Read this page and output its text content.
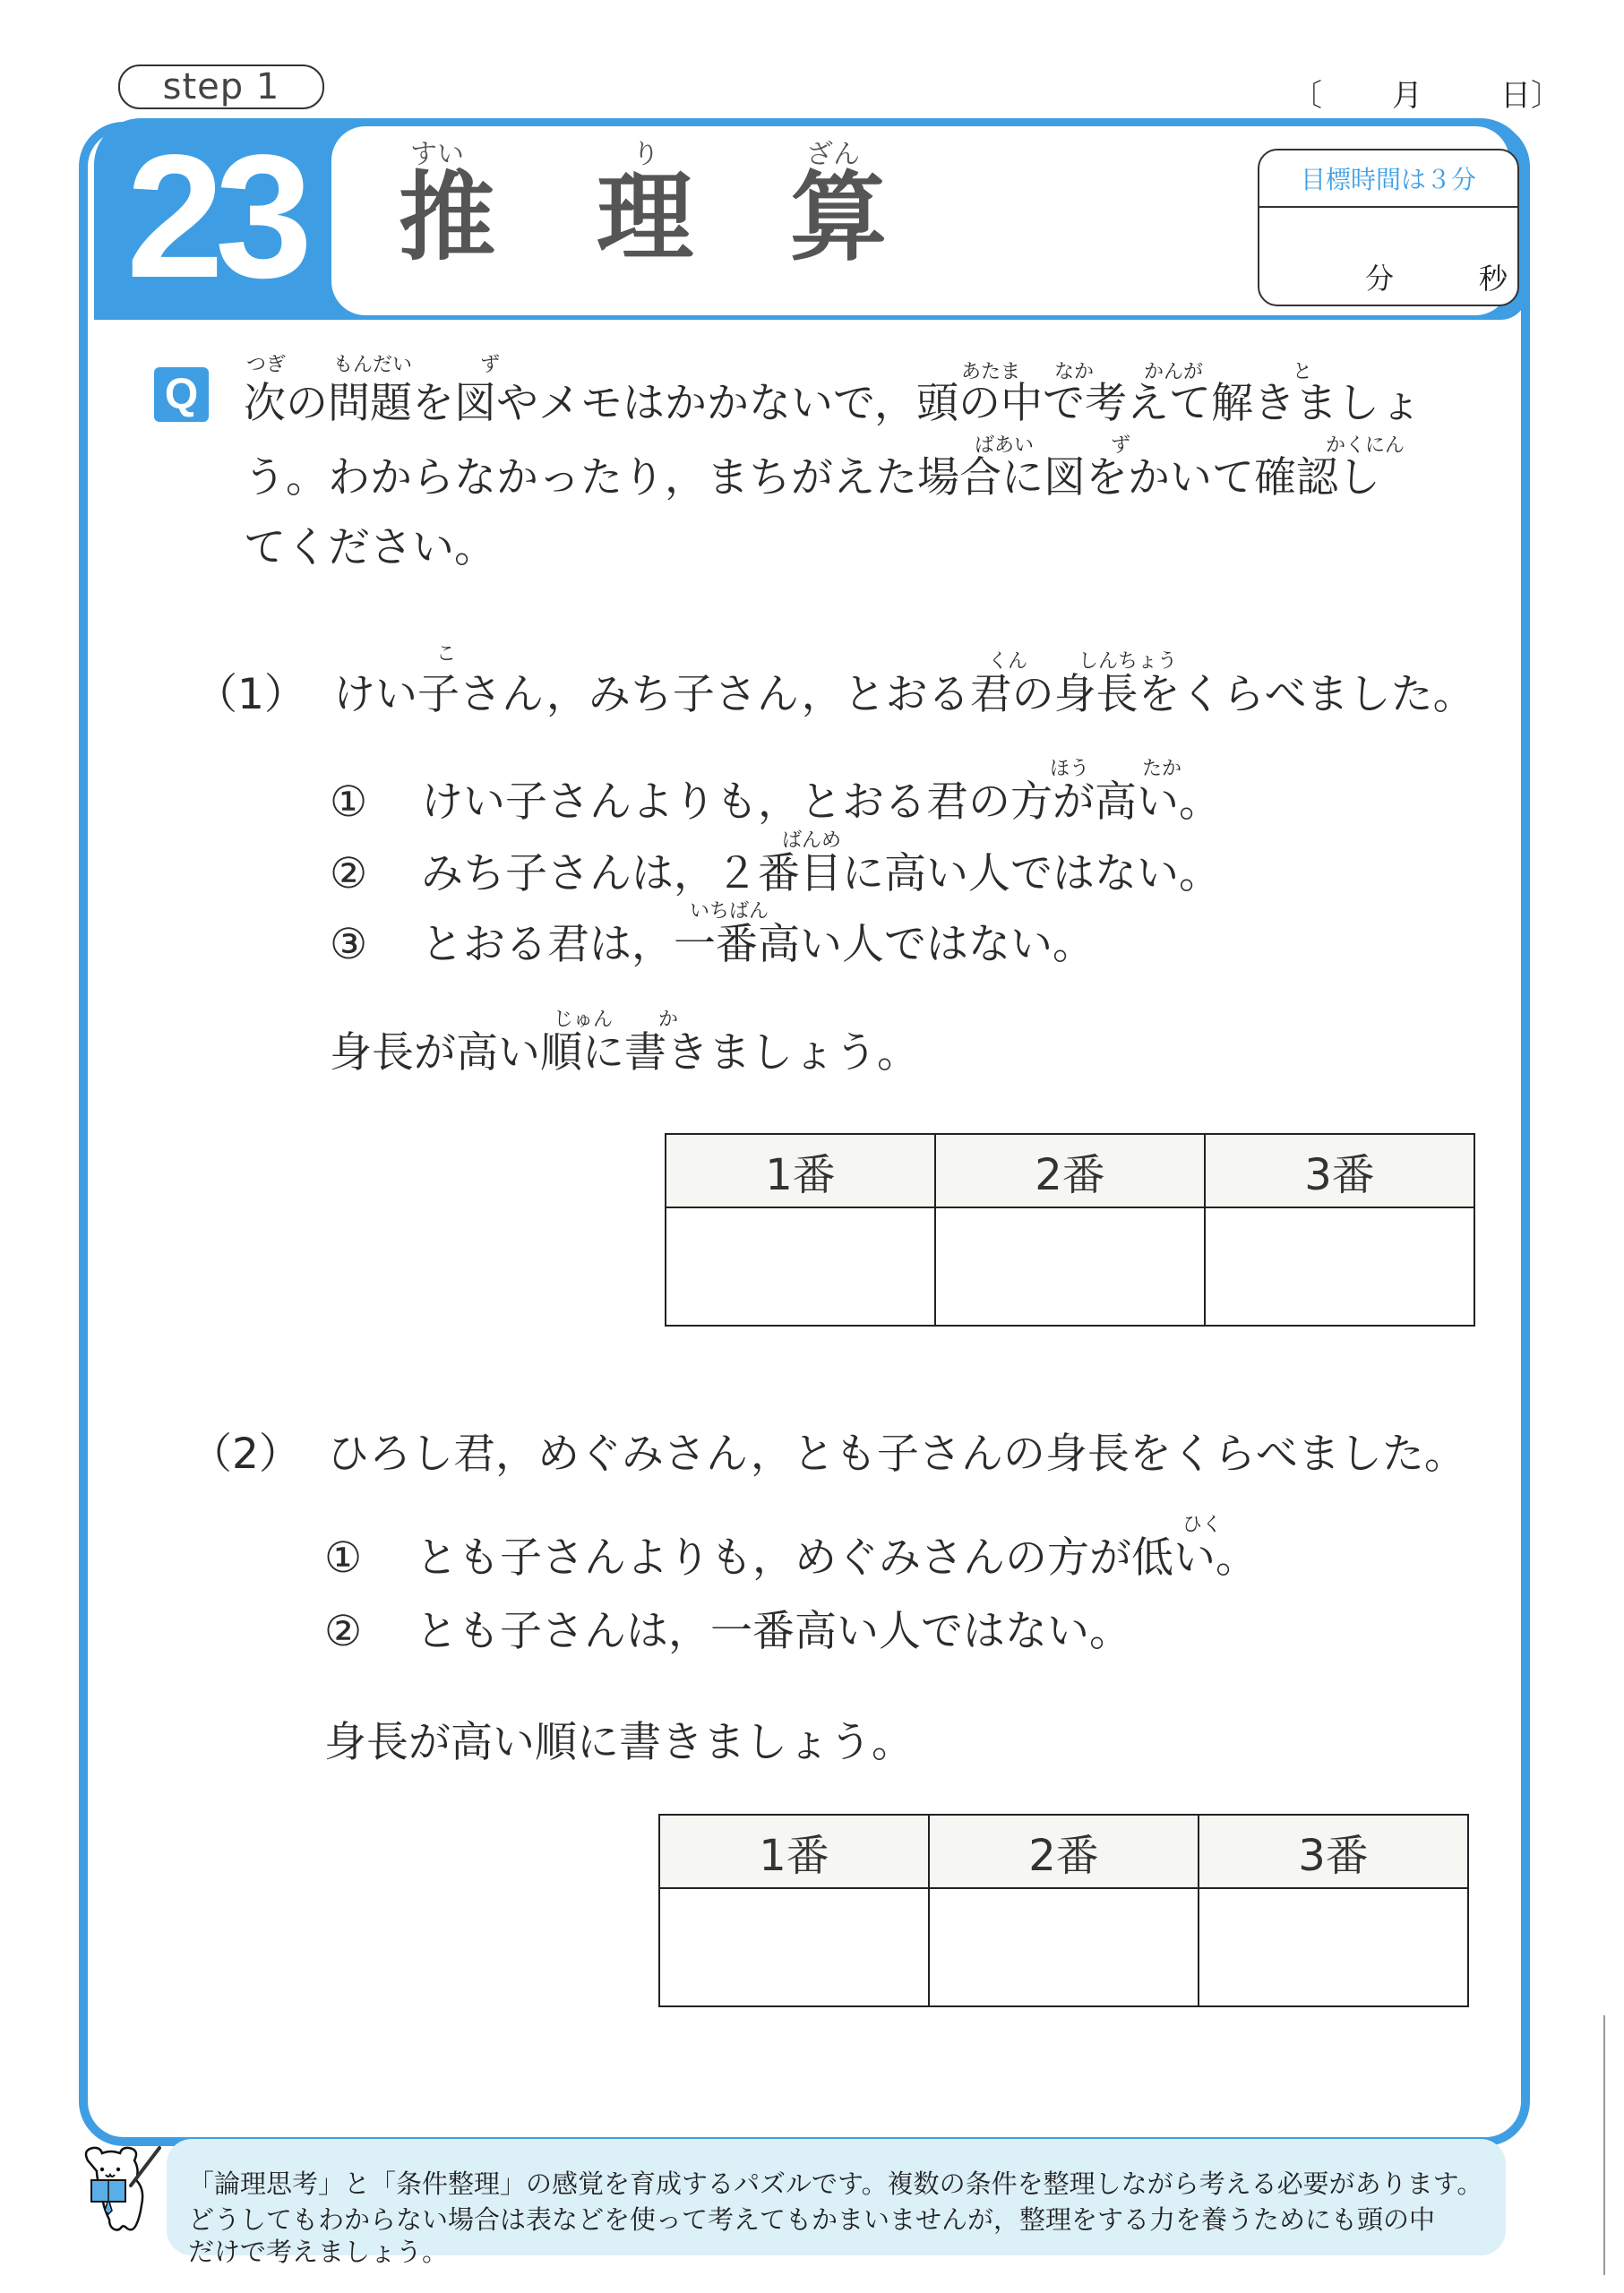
step 1	〔 月	日〕
23	すい	り	ざん
推 理 算	目標時間は３分
分	秒
Q
つぎ もんだい	ず	あたま なか	かんが	と
次の問題を図やメモはかかないで，頭の中で考えて解きましょ
ばあい	ず	かくにん
う。わからなかったり，まちがえた場合に図をかいて確認し
てください。
こ	くん	しんちょう
（1） けい子さん，みち子さん，とおる君の身長をくらべました。
ほう	たか
① けい子さんよりも，とおる君の方が高い。
ばんめ
② みち子さんは，２番目に高い人ではない。
いちばん
③ とおる君は，一番高い人ではない。
じゅん か
身長が高い順に書きましょう。
1番	2番	3番

（2） ひろし君，めぐみさん，とも子さんの身長をくらべました。
ひく
① とも子さんよりも，めぐみさんの方が低い。
② とも子さんは，一番高い人ではない。
身長が高い順に書きましょう。
1番	2番	3番

「論理思考」と「条件整理」の感覚を育成するパズルです。複数の条件を整理しながら考える必要があります。
どうしてもわからない場合は表などを使って考えてもかまいませんが，整理をする力を養うためにも頭の中
だけで考えましょう。
